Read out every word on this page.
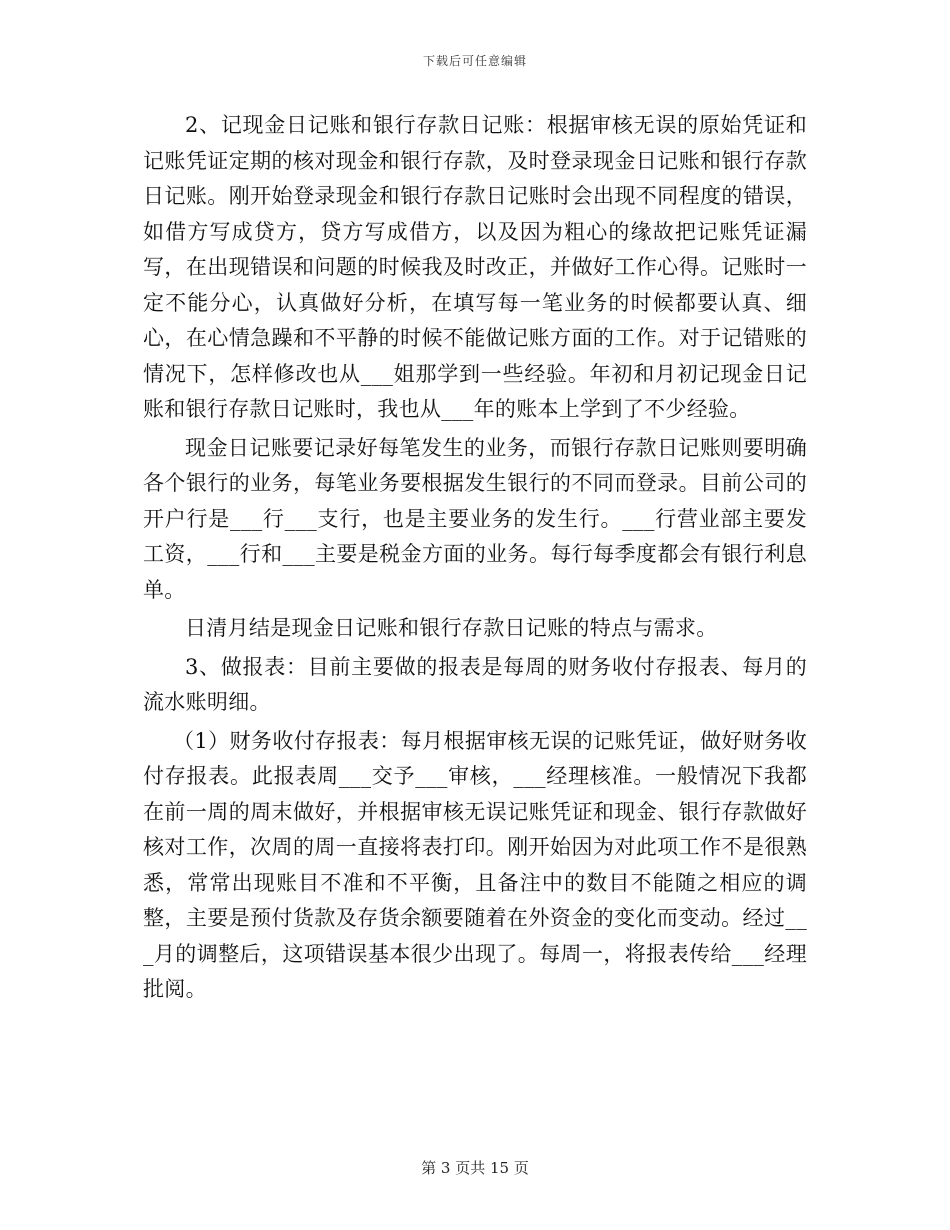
下载后可任意编辑

2、记现金日记账和银行存款日记账：根据审核无误的原始凭证和记账凭证定期的核对现金和银行存款，及时登录现金日记账和银行存款日记账。刚开始登录现金和银行存款日记账时会出现不同程度的错误，如借方写成贷方，贷方写成借方，以及因为粗心的缘故把记账凭证漏写，在出现错误和问题的时候我及时改正，并做好工作心得。记账时一定不能分心，认真做好分析，在填写每一笔业务的时候都要认真、细心，在心情急躁和不平静的时候不能做记账方面的工作。对于记错账的情况下，怎样修改也从___姐那学到一些经验。年初和月初记现金日记账和银行存款日记账时，我也从___年的账本上学到了不少经验。

现金日记账要记录好每笔发生的业务，而银行存款日记账则要明确各个银行的业务，每笔业务要根据发生银行的不同而登录。目前公司的开户行是___行___支行，也是主要业务的发生行。___行营业部主要发工资，___行和___主要是税金方面的业务。每行每季度都会有银行利息单。

日清月结是现金日记账和银行存款日记账的特点与需求。

3、做报表：目前主要做的报表是每周的财务收付存报表、每月的流水账明细。

（1）财务收付存报表：每月根据审核无误的记账凭证，做好财务收付存报表。此报表周___交予___审核，___经理核准。一般情况下我都在前一周的周末做好，并根据审核无误记账凭证和现金、银行存款做好核对工作，次周的周一直接将表打印。刚开始因为对此项工作不是很熟悉，常常出现账目不准和不平衡，且备注中的数目不能随之相应的调整，主要是预付货款及存货余额要随着在外资金的变化而变动。经过___月的调整后，这项错误基本很少出现了。每周一，将报表传给___经理批阅。

第 3 页共 15 页
